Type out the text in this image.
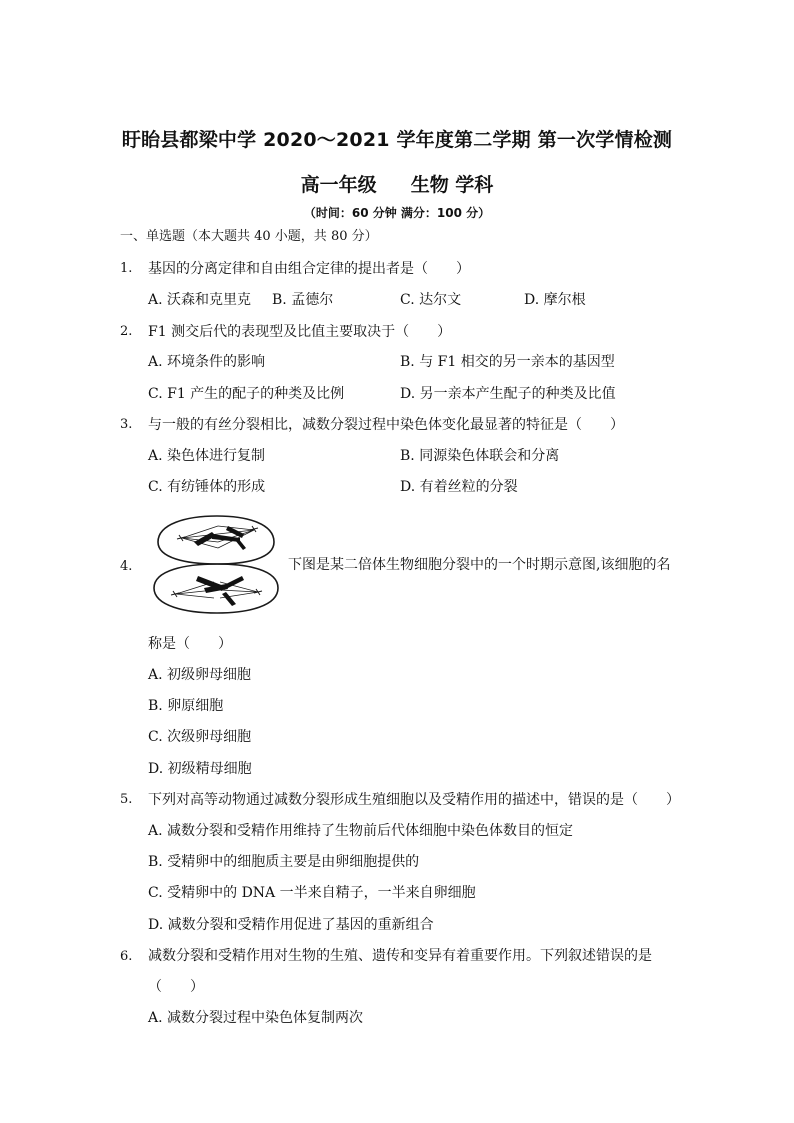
盱眙县都梁中学 2020～2021 学年度第二学期 第一次学情检测
高一年级 生物 学科
（时间：60 分钟 满分：100 分）
一、单选题（本大题共 40 小题，共 80 分）
1. 基因的分离定律和自由组合定律的提出者是（　　）
A. 沃森和克里克 B. 孟德尔	C. 达尔文	D. 摩尔根
2. F1 测交后代的表现型及比值主要取决于（　　）
A. 环境条件的影响	B. 与 F1 相交的另一亲本的基因型
C. F1 产生的配子的种类及比例	D. 另一亲本产生配子的种类及比值
3. 与一般的有丝分裂相比，减数分裂过程中染色体变化最显著的特征是（　　）
A. 染色体进行复制	B. 同源染色体联会和分离
C. 有纺锤体的形成	D. 有着丝粒的分裂
4.	下图是某二倍体生物细胞分裂中的一个时期示意图,该细胞的名
称是（　　）
A. 初级卵母细胞
B. 卵原细胞
C. 次级卵母细胞
D. 初级精母细胞
5. 下列对高等动物通过减数分裂形成生殖细胞以及受精作用的描述中，错误的是（　　）
A. 减数分裂和受精作用维持了生物前后代体细胞中染色体数目的恒定
B. 受精卵中的细胞质主要是由卵细胞提供的
C. 受精卵中的 DNA 一半来自精子，一半来自卵细胞
D. 减数分裂和受精作用促进了基因的重新组合
6. 减数分裂和受精作用对生物的生殖、遗传和变异有着重要作用。下列叙述错误的是
（　　）
A. 减数分裂过程中染色体复制两次
